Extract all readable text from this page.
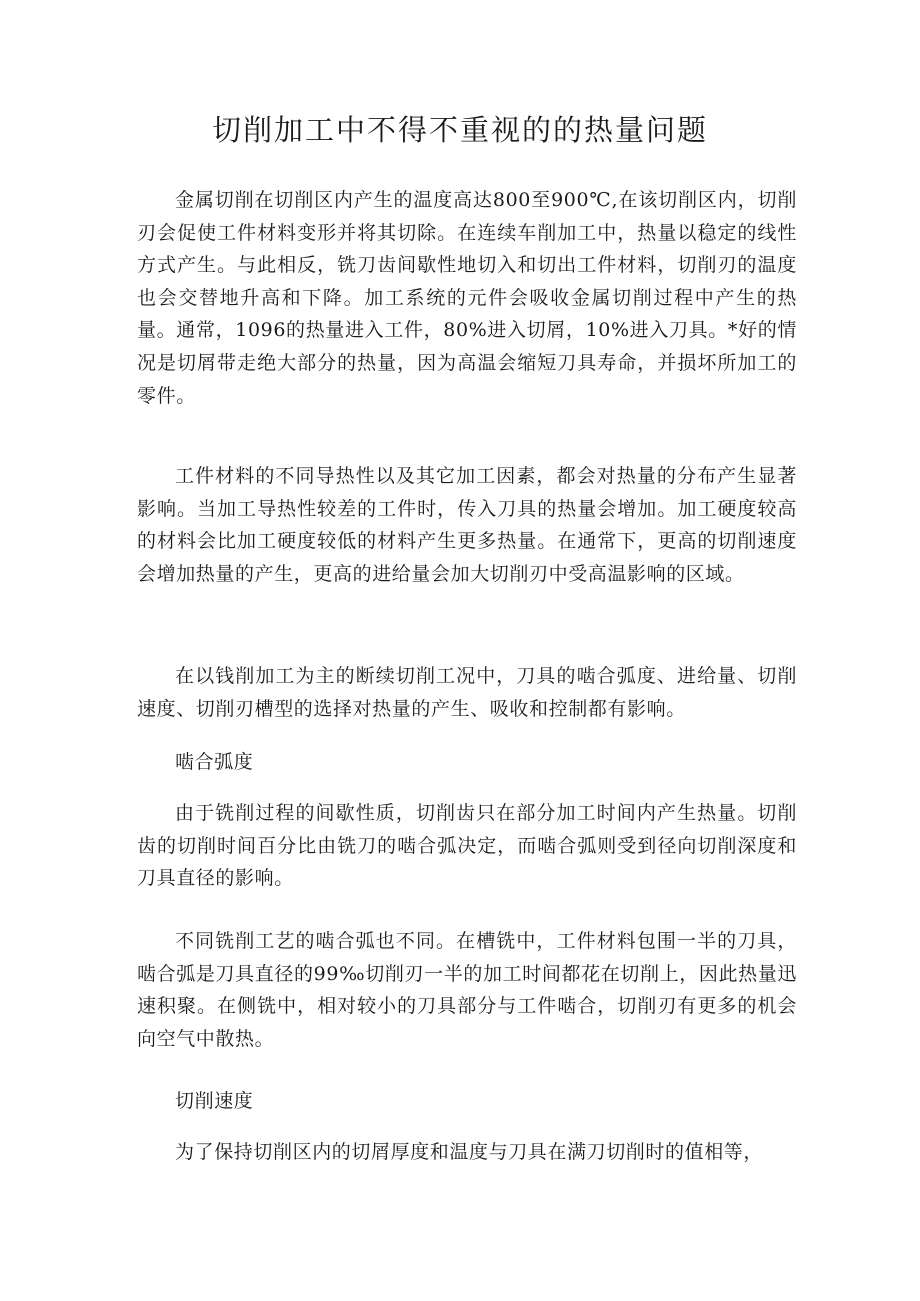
切削加工中不得不重视的的热量问题

金属切削在切削区内产生的温度高达800至900℃,在该切削区内，切削刃会促使工件材料变形并将其切除。在连续车削加工中，热量以稳定的线性方式产生。与此相反，铣刀齿间歇性地切入和切出工件材料，切削刃的温度也会交替地升高和下降。加工系统的元件会吸收金属切削过程中产生的热量。通常，1096的热量进入工件，80%进入切屑，10%进入刀具。*好的情况是切屑带走绝大部分的热量，因为高温会缩短刀具寿命，并损坏所加工的零件。

工件材料的不同导热性以及其它加工因素，都会对热量的分布产生显著影响。当加工导热性较差的工件时，传入刀具的热量会增加。加工硬度较高的材料会比加工硬度较低的材料产生更多热量。在通常下，更高的切削速度会增加热量的产生，更高的进给量会加大切削刃中受高温影响的区域。

在以钱削加工为主的断续切削工况中，刀具的啮合弧度、进给量、切削速度、切削刃槽型的选择对热量的产生、吸收和控制都有影响。

啮合弧度

由于铣削过程的间歇性质，切削齿只在部分加工时间内产生热量。切削齿的切削时间百分比由铣刀的啮合弧决定，而啮合弧则受到径向切削深度和刀具直径的影响。

不同铣削工艺的啮合弧也不同。在槽铣中，工件材料包围一半的刀具，啮合弧是刀具直径的99‰切削刃一半的加工时间都花在切削上，因此热量迅速积聚。在侧铣中，相对较小的刀具部分与工件啮合，切削刃有更多的机会向空气中散热。

切削速度

为了保持切削区内的切屑厚度和温度与刀具在满刀切削时的值相等，
